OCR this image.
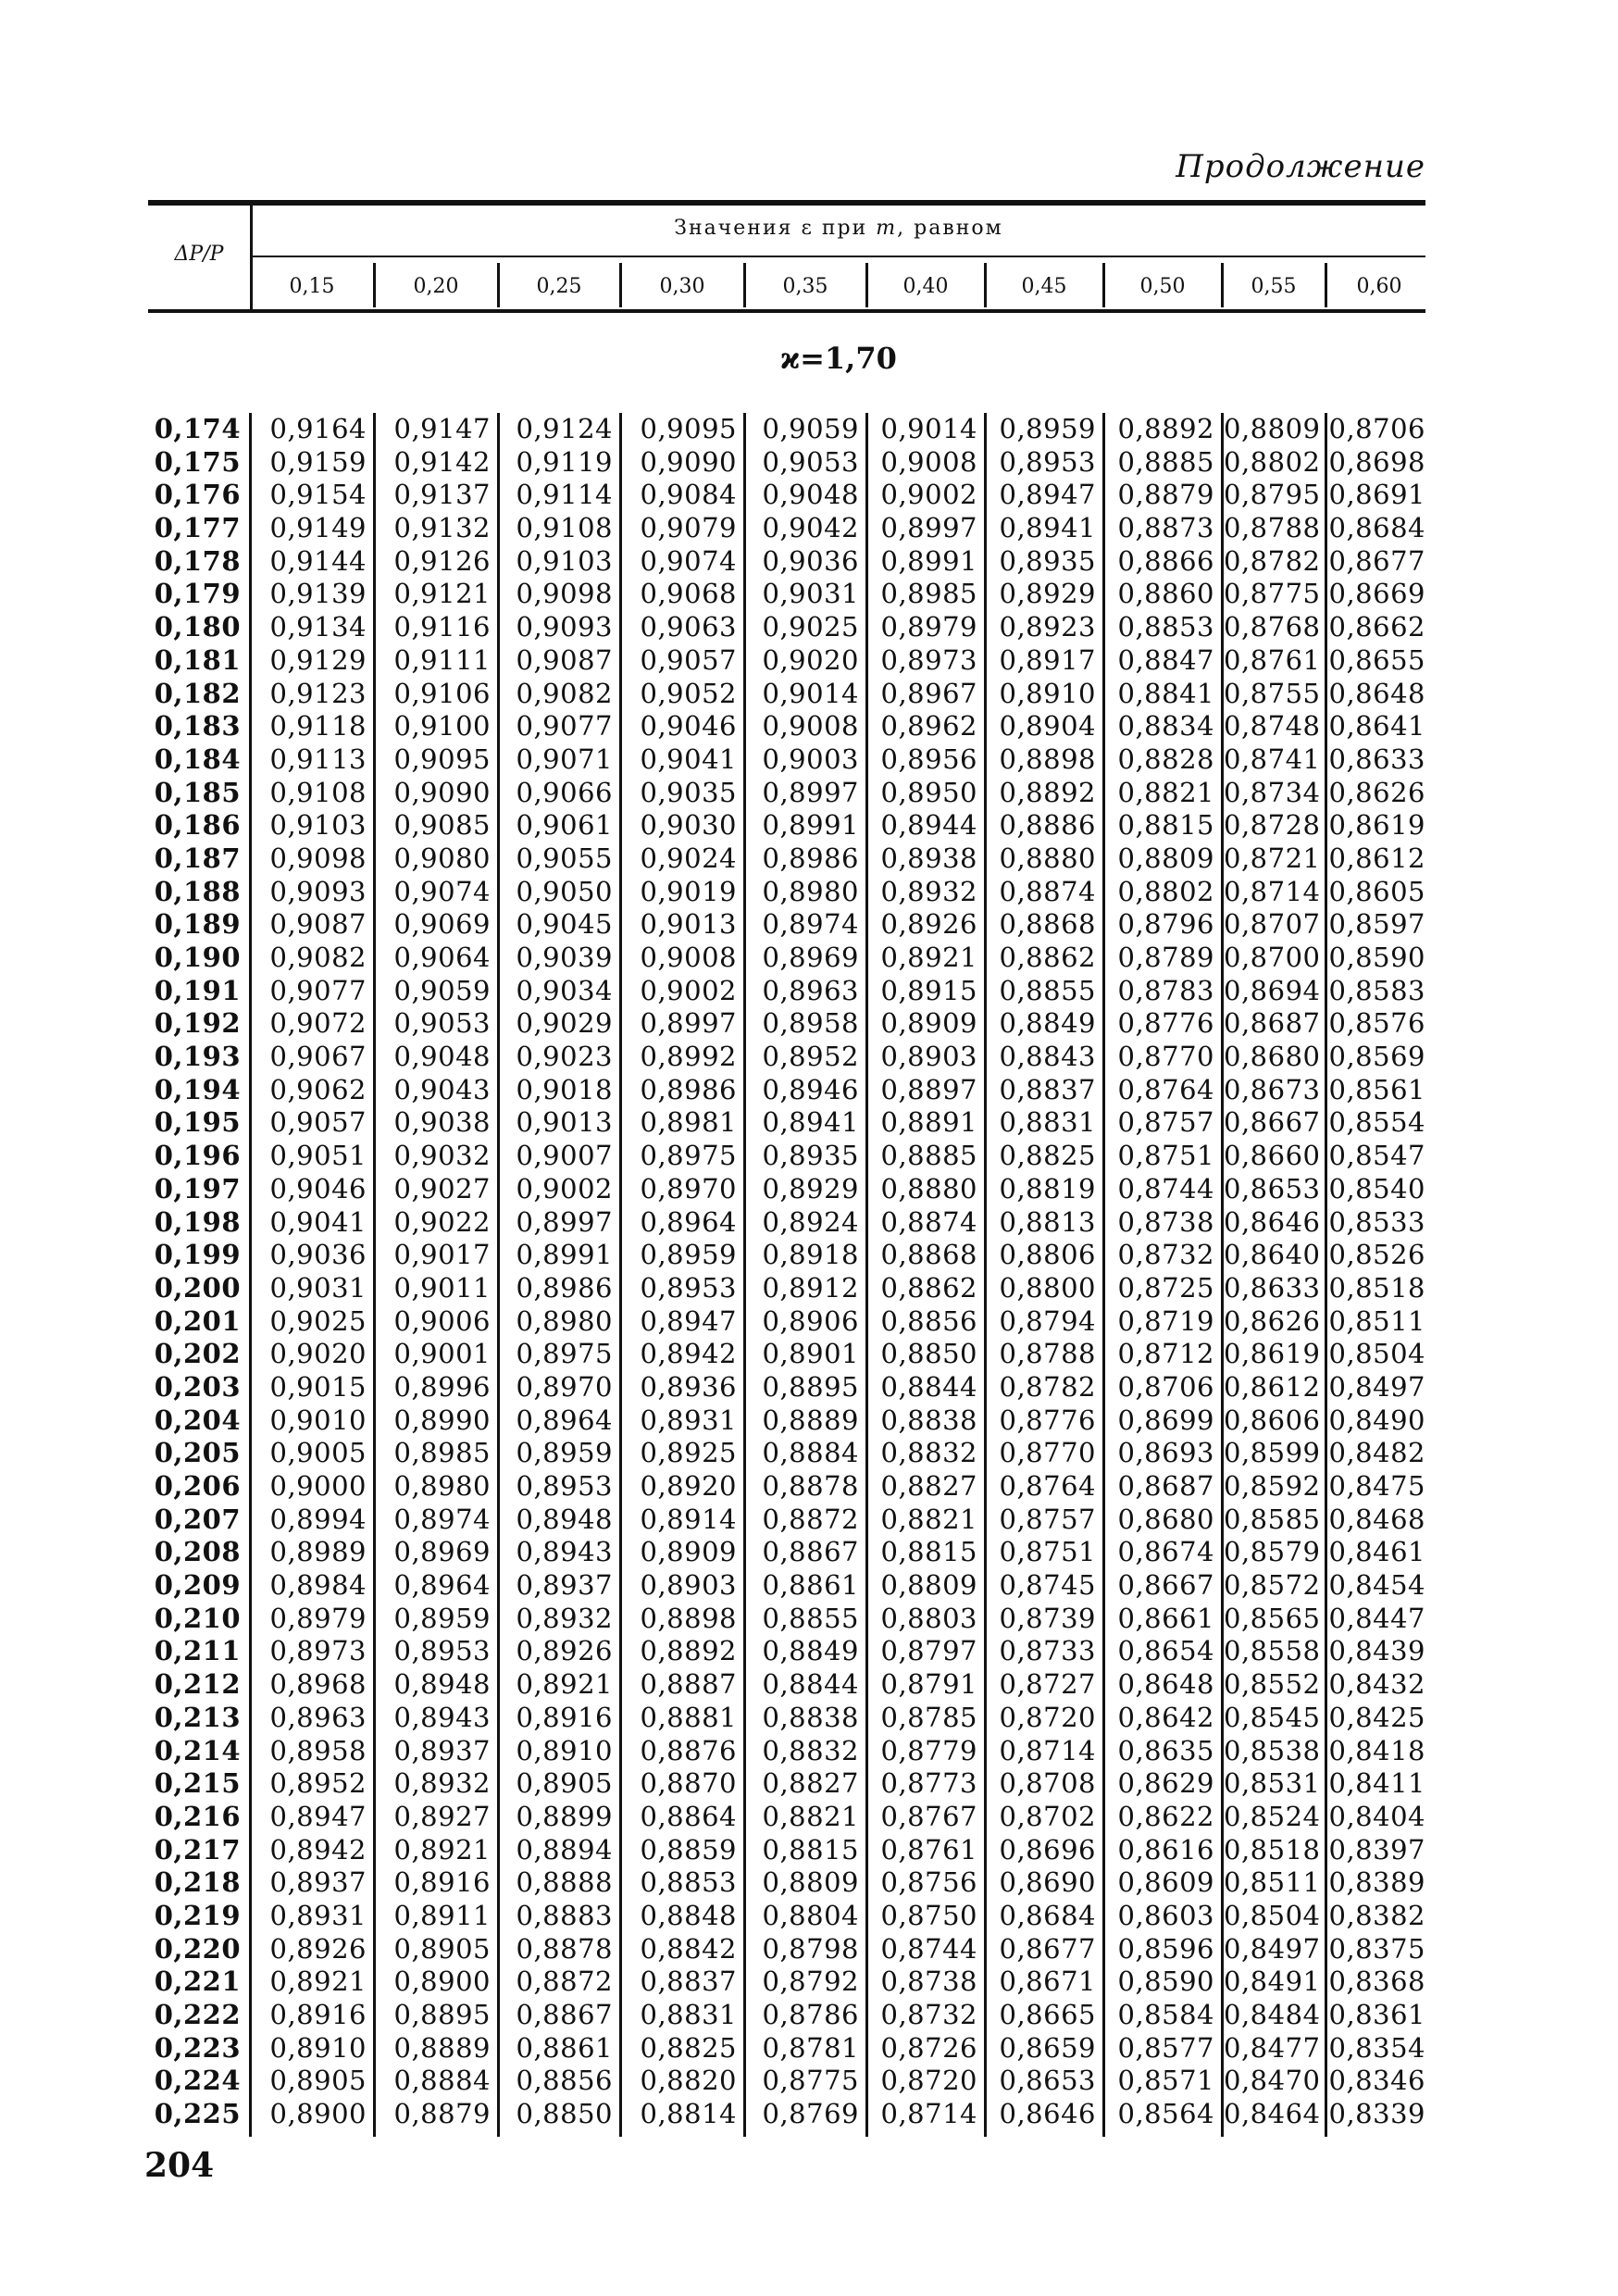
Продолжение
ΔP/P
Значения ε при m, равном
0,15	0,20	0,25	0,30	0,35	0,40	0,45	0,50	0,55	0,60
ϰ=1,70
0,174	0,9164	0,9147 0,9124	0,9095 0,9059 0,9014 0,8959 0,8892 0,8809 0,8706
0,175	0,9159	0,9142 0,9119	0,9090 0,9053 0,9008 0,8953 0,8885 0,8802 0,8698
0,176	0,9154	0,9137 0,9114	0,9084 0,9048 0,9002 0,8947 0,8879 0,8795 0,8691
0,177	0,9149	0,9132 0,9108	0,9079 0,9042 0,8997 0,8941 0,8873 0,8788 0,8684
0,178	0,9144	0,9126 0,9103	0,9074 0,9036 0,8991 0,8935 0,8866 0,8782 0,8677
0,179	0,9139	0,9121 0,9098	0,9068 0,9031 0,8985 0,8929 0,8860 0,8775 0,8669
0,180	0,9134	0,9116 0,9093	0,9063 0,9025 0,8979 0,8923 0,8853 0,8768 0,8662
0,181	0,9129	0,9111 0,9087	0,9057 0,9020 0,8973 0,8917 0,8847 0,8761 0,8655
0,182	0,9123	0,9106 0,9082	0,9052 0,9014 0,8967 0,8910 0,8841 0,8755 0,8648
0,183	0,9118	0,9100 0,9077	0,9046 0,9008 0,8962 0,8904 0,8834 0,8748 0,8641
0,184	0,9113	0,9095 0,9071	0,9041 0,9003 0,8956 0,8898 0,8828 0,8741 0,8633
0,185	0,9108	0,9090 0,9066	0,9035 0,8997 0,8950 0,8892 0,8821 0,8734 0,8626
0,186	0,9103	0,9085 0,9061	0,9030 0,8991 0,8944 0,8886 0,8815 0,8728 0,8619
0,187	0,9098	0,9080 0,9055	0,9024 0,8986 0,8938 0,8880 0,8809 0,8721 0,8612
0,188	0,9093	0,9074 0,9050	0,9019 0,8980 0,8932 0,8874 0,8802 0,8714 0,8605
0,189	0,9087	0,9069 0,9045	0,9013 0,8974 0,8926 0,8868 0,8796 0,8707 0,8597
0,190	0,9082	0,9064 0,9039	0,9008 0,8969 0,8921 0,8862 0,8789 0,8700 0,8590
0,191	0,9077	0,9059 0,9034	0,9002 0,8963 0,8915 0,8855 0,8783 0,8694 0,8583
0,192	0,9072	0,9053 0,9029	0,8997 0,8958 0,8909 0,8849 0,8776 0,8687 0,8576
0,193	0,9067	0,9048 0,9023	0,8992 0,8952 0,8903 0,8843 0,8770 0,8680 0,8569
0,194	0,9062	0,9043 0,9018	0,8986 0,8946 0,8897 0,8837 0,8764 0,8673 0,8561
0,195	0,9057	0,9038 0,9013	0,8981 0,8941 0,8891 0,8831 0,8757 0,8667 0,8554
0,196	0,9051	0,9032 0,9007	0,8975 0,8935 0,8885 0,8825 0,8751 0,8660 0,8547
0,197	0,9046	0,9027 0,9002	0,8970 0,8929 0,8880 0,8819 0,8744 0,8653 0,8540
0,198	0,9041	0,9022 0,8997	0,8964 0,8924 0,8874 0,8813 0,8738 0,8646 0,8533
0,199	0,9036	0,9017 0,8991	0,8959 0,8918 0,8868 0,8806 0,8732 0,8640 0,8526
0,200	0,9031	0,9011 0,8986	0,8953 0,8912 0,8862 0,8800 0,8725 0,8633 0,8518
0,201	0,9025	0,9006 0,8980	0,8947 0,8906 0,8856 0,8794 0,8719 0,8626 0,8511
0,202	0,9020	0,9001 0,8975	0,8942 0,8901 0,8850 0,8788 0,8712 0,8619 0,8504
0,203	0,9015	0,8996 0,8970	0,8936 0,8895 0,8844 0,8782 0,8706 0,8612 0,8497
0,204	0,9010	0,8990 0,8964	0,8931 0,8889 0,8838 0,8776 0,8699 0,8606 0,8490
0,205	0,9005	0,8985 0,8959	0,8925 0,8884 0,8832 0,8770 0,8693 0,8599 0,8482
0,206	0,9000	0,8980 0,8953	0,8920 0,8878 0,8827 0,8764 0,8687 0,8592 0,8475
0,207	0,8994	0,8974 0,8948	0,8914 0,8872 0,8821 0,8757 0,8680 0,8585 0,8468
0,208	0,8989	0,8969 0,8943	0,8909 0,8867 0,8815 0,8751 0,8674 0,8579 0,8461
0,209	0,8984	0,8964 0,8937	0,8903 0,8861 0,8809 0,8745 0,8667 0,8572 0,8454
0,210	0,8979	0,8959 0,8932	0,8898 0,8855 0,8803 0,8739 0,8661 0,8565 0,8447
0,211	0,8973	0,8953 0,8926	0,8892 0,8849 0,8797 0,8733 0,8654 0,8558 0,8439
0,212	0,8968	0,8948 0,8921	0,8887 0,8844 0,8791 0,8727 0,8648 0,8552 0,8432
0,213	0,8963	0,8943 0,8916	0,8881 0,8838 0,8785 0,8720 0,8642 0,8545 0,8425
0,214	0,8958	0,8937 0,8910	0,8876 0,8832 0,8779 0,8714 0,8635 0,8538 0,8418
0,215	0,8952	0,8932 0,8905	0,8870 0,8827 0,8773 0,8708 0,8629 0,8531 0,8411
0,216	0,8947	0,8927 0,8899	0,8864 0,8821 0,8767 0,8702 0,8622 0,8524 0,8404
0,217	0,8942	0,8921 0,8894	0,8859 0,8815 0,8761 0,8696 0,8616 0,8518 0,8397
0,218	0,8937	0,8916 0,8888	0,8853 0,8809 0,8756 0,8690 0,8609 0,8511 0,8389
0,219	0,8931	0,8911 0,8883	0,8848 0,8804 0,8750 0,8684 0,8603 0,8504 0,8382
0,220	0,8926	0,8905 0,8878	0,8842 0,8798 0,8744 0,8677 0,8596 0,8497 0,8375
0,221	0,8921	0,8900 0,8872	0,8837 0,8792 0,8738 0,8671 0,8590 0,8491 0,8368
0,222	0,8916	0,8895 0,8867	0,8831 0,8786 0,8732 0,8665 0,8584 0,8484 0,8361
0,223	0,8910	0,8889 0,8861	0,8825 0,8781 0,8726 0,8659 0,8577 0,8477 0,8354
0,224	0,8905	0,8884 0,8856	0,8820 0,8775 0,8720 0,8653 0,8571 0,8470 0,8346
0,225	0,8900	0,8879 0,8850	0,8814 0,8769 0,8714 0,8646 0,8564 0,8464 0,8339
204
